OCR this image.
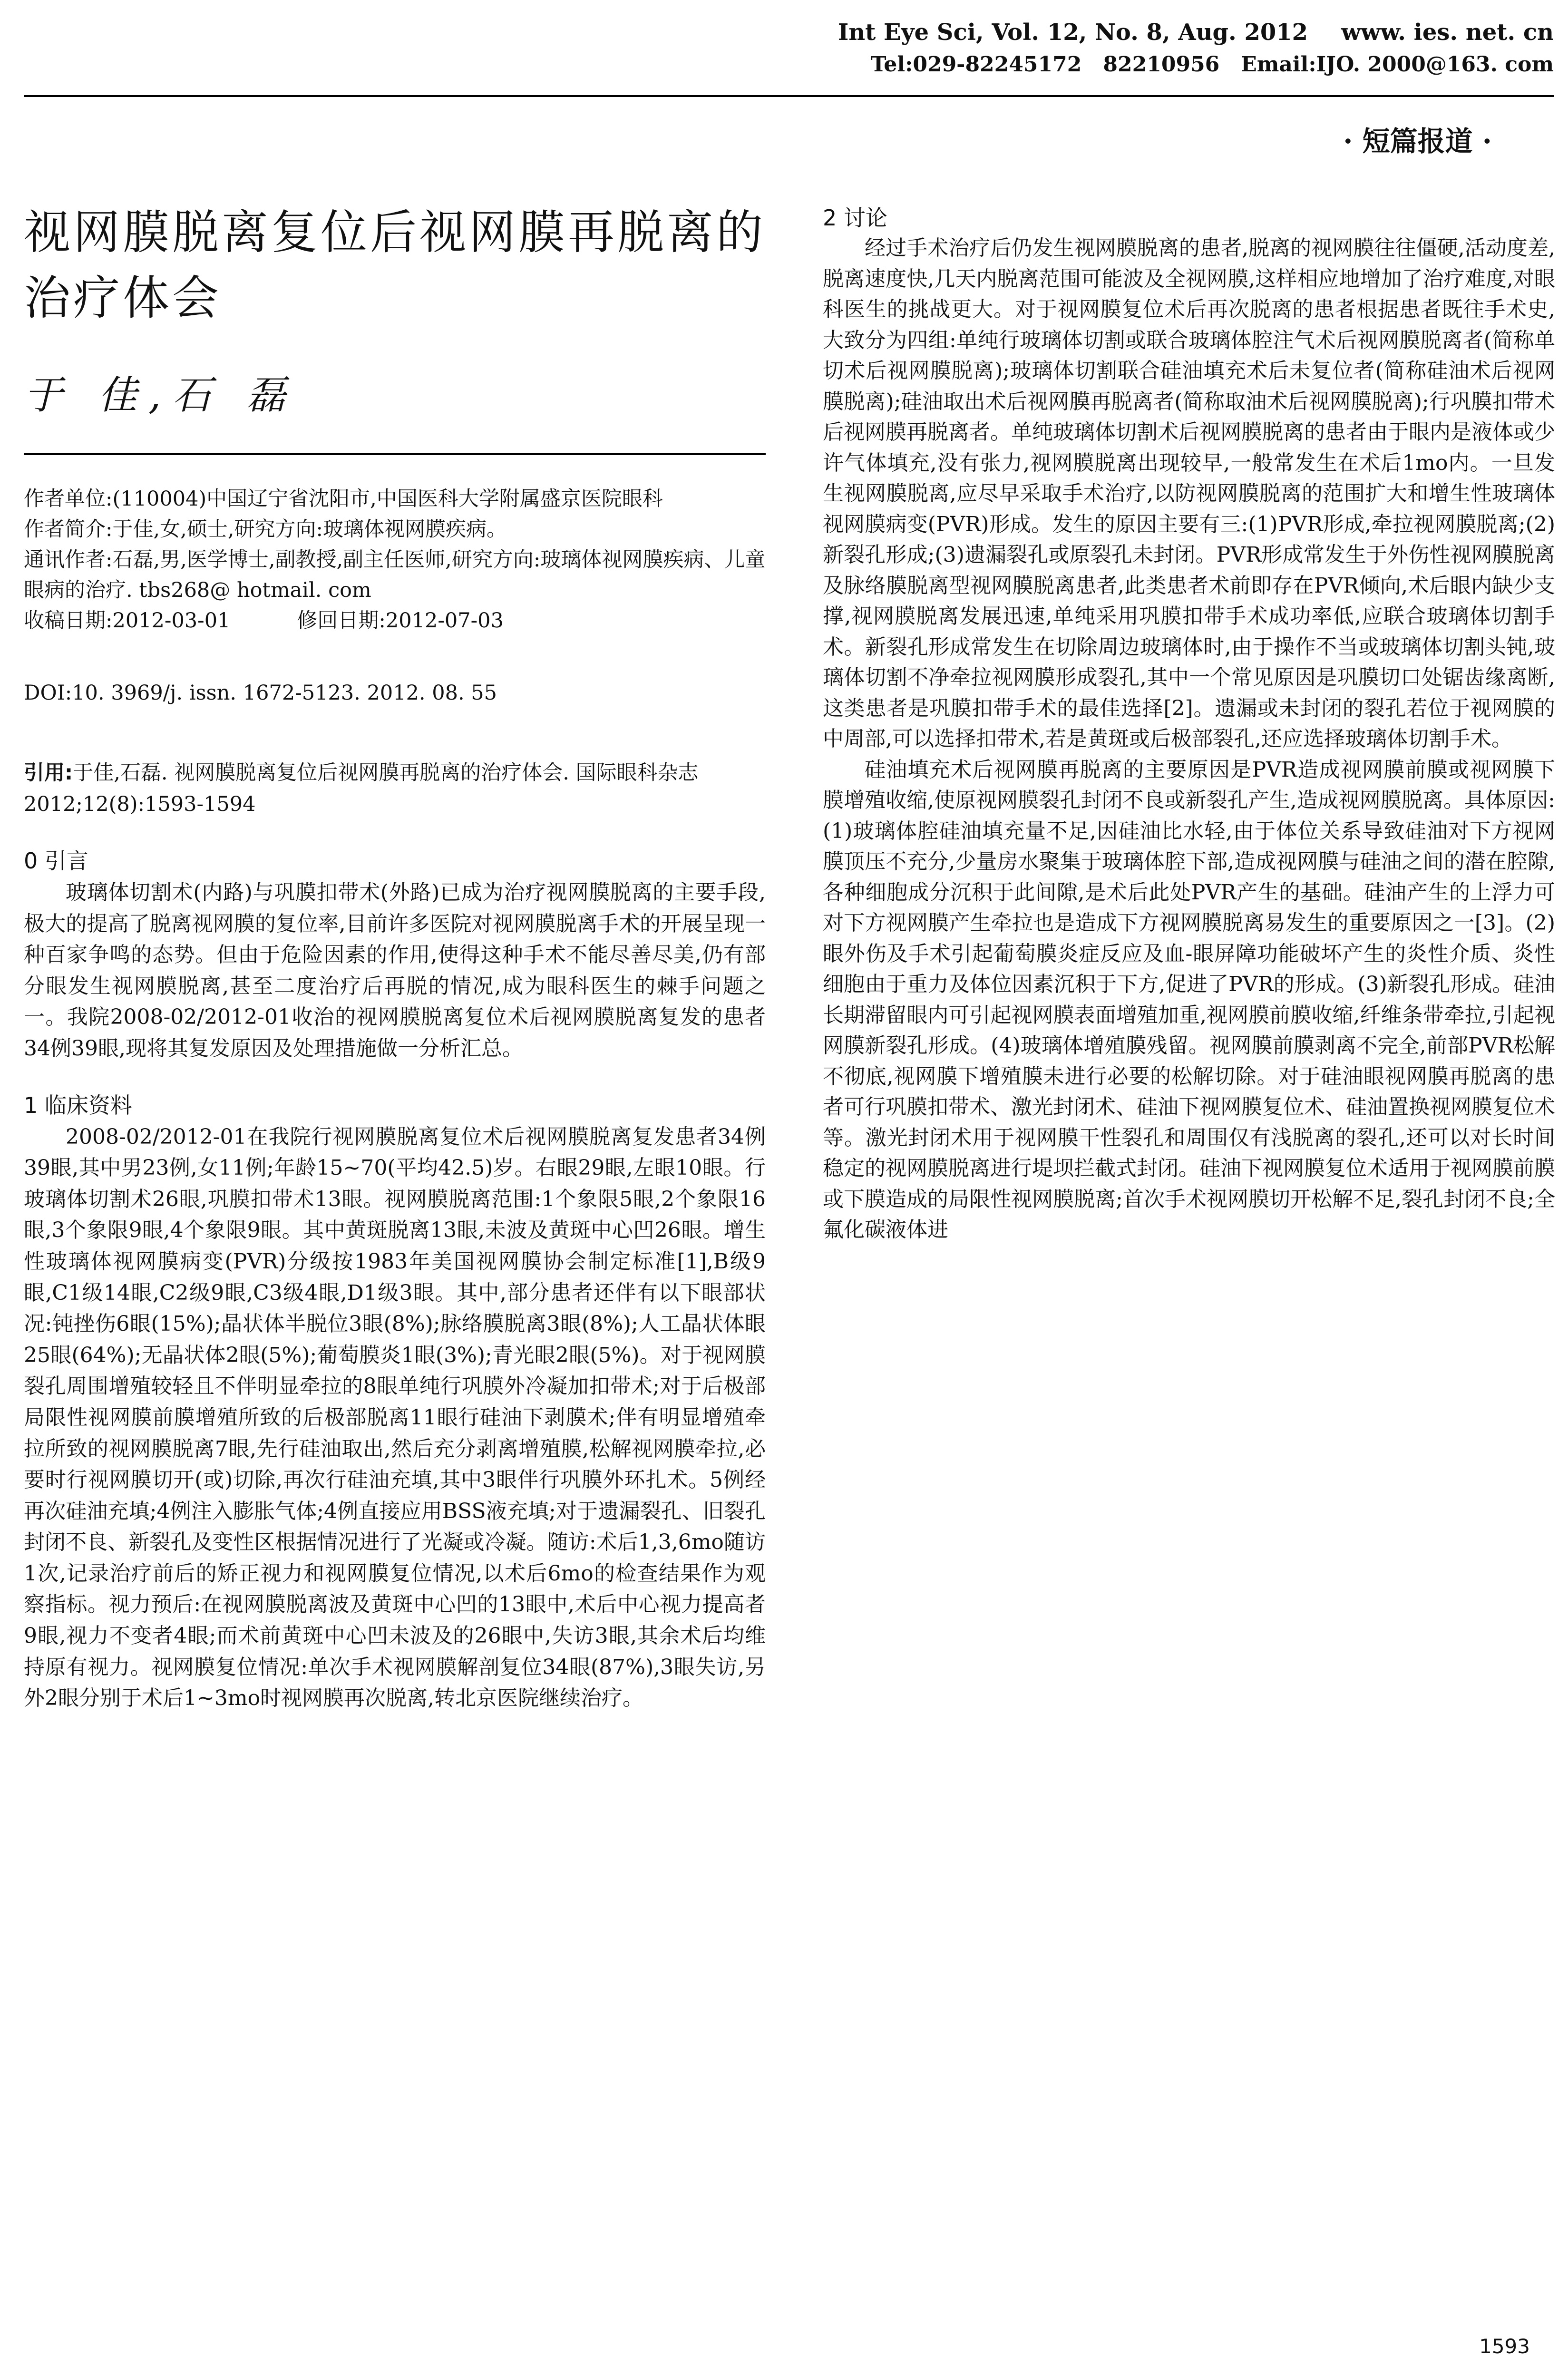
Int Eye Sci, Vol. 12, No. 8, Aug. 2012 www. ies. net. cn
Tel:029-82245172 82210956 Email:IJO. 2000@163. com
· 短篇报道 ·
视网膜脱离复位后视网膜再脱离的治疗体会
于 佳,石 磊

作者单位:(110004)中国辽宁省沈阳市,中国医科大学附属盛京医院眼科

作者简介:于佳,女,硕士,研究方向:玻璃体视网膜疾病。

通讯作者:石磊,男,医学博士,副教授,副主任医师,研究方向:玻璃体视网膜疾病、儿童眼病的治疗. tbs268@ hotmail. com

收稿日期:2012-03-01	修回日期:2012-07-03

DOI:10. 3969/j. issn. 1672-5123. 2012. 08. 55

引用:于佳,石磊. 视网膜脱离复位后视网膜再脱离的治疗体会. 国际眼科杂志 2012;12(8):1593-1594

0 引言

玻璃体切割术(内路)与巩膜扣带术(外路)已成为治疗视网膜脱离的主要手段,极大的提高了脱离视网膜的复位率,目前许多医院对视网膜脱离手术的开展呈现一种百家争鸣的态势。但由于危险因素的作用,使得这种手术不能尽善尽美,仍有部分眼发生视网膜脱离,甚至二度治疗后再脱的情况,成为眼科医生的棘手问题之一。我院2008-02/2012-01收治的视网膜脱离复位术后视网膜脱离复发的患者34例39眼,现将其复发原因及处理措施做一分析汇总。

1 临床资料

2008-02/2012-01在我院行视网膜脱离复位术后视网膜脱离复发患者34例39眼,其中男23例,女11例;年龄15~70(平均42.5)岁。右眼29眼,左眼10眼。行玻璃体切割术26眼,巩膜扣带术13眼。视网膜脱离范围:1个象限5眼,2个象限16眼,3个象限9眼,4个象限9眼。其中黄斑脱离13眼,未波及黄斑中心凹26眼。增生性玻璃体视网膜病变(PVR)分级按1983年美国视网膜协会制定标准[1],B级9眼,C1级14眼,C2级9眼,C3级4眼,D1级3眼。其中,部分患者还伴有以下眼部状况:钝挫伤6眼(15%);晶状体半脱位3眼(8%);脉络膜脱离3眼(8%);人工晶状体眼25眼(64%);无晶状体2眼(5%);葡萄膜炎1眼(3%);青光眼2眼(5%)。对于视网膜裂孔周围增殖较轻且不伴明显牵拉的8眼单纯行巩膜外冷凝加扣带术;对于后极部局限性视网膜前膜增殖所致的后极部脱离11眼行硅油下剥膜术;伴有明显增殖牵拉所致的视网膜脱离7眼,先行硅油取出,然后充分剥离增殖膜,松解视网膜牵拉,必要时行视网膜切开(或)切除,再次行硅油充填,其中3眼伴行巩膜外环扎术。5例经再次硅油充填;4例注入膨胀气体;4例直接应用BSS液充填;对于遗漏裂孔、旧裂孔封闭不良、新裂孔及变性区根据情况进行了光凝或冷凝。随访:术后1,3,6mo随访1次,记录治疗前后的矫正视力和视网膜复位情况,以术后6mo的检查结果作为观察指标。视力预后:在视网膜脱离波及黄斑中心凹的13眼中,术后中心视力提高者9眼,视力不变者4眼;而术前黄斑中心凹未波及的26眼中,失访3眼,其余术后均维持原有视力。视网膜复位情况:单次手术视网膜解剖复位34眼(87%),3眼失访,另外2眼分别于术后1~3mo时视网膜再次脱离,转北京医院继续治疗。

2 讨论

经过手术治疗后仍发生视网膜脱离的患者,脱离的视网膜往往僵硬,活动度差,脱离速度快,几天内脱离范围可能波及全视网膜,这样相应地增加了治疗难度,对眼科医生的挑战更大。对于视网膜复位术后再次脱离的患者根据患者既往手术史,大致分为四组:单纯行玻璃体切割或联合玻璃体腔注气术后视网膜脱离者(简称单切术后视网膜脱离);玻璃体切割联合硅油填充术后未复位者(简称硅油术后视网膜脱离);硅油取出术后视网膜再脱离者(简称取油术后视网膜脱离);行巩膜扣带术后视网膜再脱离者。单纯玻璃体切割术后视网膜脱离的患者由于眼内是液体或少许气体填充,没有张力,视网膜脱离出现较早,一般常发生在术后1mo内。一旦发生视网膜脱离,应尽早采取手术治疗,以防视网膜脱离的范围扩大和增生性玻璃体视网膜病变(PVR)形成。发生的原因主要有三:(1)PVR形成,牵拉视网膜脱离;(2)新裂孔形成;(3)遗漏裂孔或原裂孔未封闭。PVR形成常发生于外伤性视网膜脱离及脉络膜脱离型视网膜脱离患者,此类患者术前即存在PVR倾向,术后眼内缺少支撑,视网膜脱离发展迅速,单纯采用巩膜扣带手术成功率低,应联合玻璃体切割手术。新裂孔形成常发生在切除周边玻璃体时,由于操作不当或玻璃体切割头钝,玻璃体切割不净牵拉视网膜形成裂孔,其中一个常见原因是巩膜切口处锯齿缘离断,这类患者是巩膜扣带手术的最佳选择[2]。遗漏或未封闭的裂孔若位于视网膜的中周部,可以选择扣带术,若是黄斑或后极部裂孔,还应选择玻璃体切割手术。

硅油填充术后视网膜再脱离的主要原因是PVR造成视网膜前膜或视网膜下膜增殖收缩,使原视网膜裂孔封闭不良或新裂孔产生,造成视网膜脱离。具体原因:(1)玻璃体腔硅油填充量不足,因硅油比水轻,由于体位关系导致硅油对下方视网膜顶压不充分,少量房水聚集于玻璃体腔下部,造成视网膜与硅油之间的潜在腔隙,各种细胞成分沉积于此间隙,是术后此处PVR产生的基础。硅油产生的上浮力可对下方视网膜产生牵拉也是造成下方视网膜脱离易发生的重要原因之一[3]。(2)眼外伤及手术引起葡萄膜炎症反应及血-眼屏障功能破坏产生的炎性介质、炎性细胞由于重力及体位因素沉积于下方,促进了PVR的形成。(3)新裂孔形成。硅油长期滞留眼内可引起视网膜表面增殖加重,视网膜前膜收缩,纤维条带牵拉,引起视网膜新裂孔形成。(4)玻璃体增殖膜残留。视网膜前膜剥离不完全,前部PVR松解不彻底,视网膜下增殖膜未进行必要的松解切除。对于硅油眼视网膜再脱离的患者可行巩膜扣带术、激光封闭术、硅油下视网膜复位术、硅油置换视网膜复位术等。激光封闭术用于视网膜干性裂孔和周围仅有浅脱离的裂孔,还可以对长时间稳定的视网膜脱离进行堤坝拦截式封闭。硅油下视网膜复位术适用于视网膜前膜或下膜造成的局限性视网膜脱离;首次手术视网膜切开松解不足,裂孔封闭不良;全氟化碳液体进

1593
